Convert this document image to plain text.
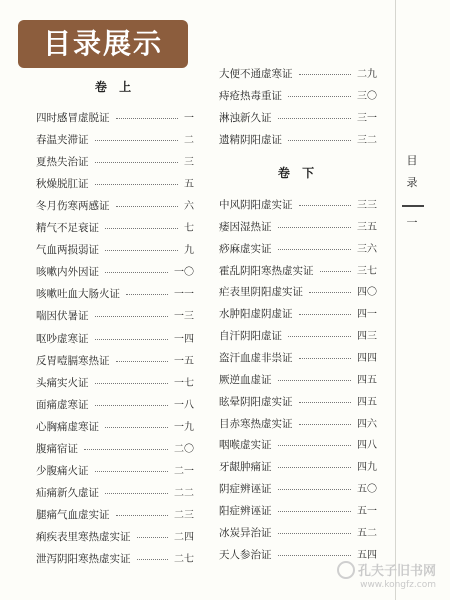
目录展示
卷 上
四时感冒虚脱证	一
春温夹滞证	二
夏热失治证	三
秋燥脱肛证	五
冬月伤寒两感证	六
精气不足衰证	七
气血两损弱证	九
咳嗽内外因证	一〇
咳嗽吐血大肠火证	一一
喘因伏暑证	一三
呕吵虚寒证	一四
反胃噎膈寒热证	一五
头痛实火证	一七
面痛虚寒证	一八
心胸痛虚寒证	一九
腹痛宿证	二〇
少腹痛火证	二一
疝痛新久虚证	二二
腿痛气血虚实证	二三
痢疾表里寒热虚实证	二四
泄泻阴阳寒热虚实证	二七
大便不通虚寒证	二九
痔疮热毒重证	三〇
淋浊新久证	三一
遗精阴阳虚证	三二
卷 下
中风阴阳虚实证	三三
痿因湿热证	三五
痧麻虚实证	三六
霍乱阴阳寒热虚实证	三七
疟表里阴阳虚实证	四〇
水肿阳虚阴虚证	四一
自汗阴阳虚证	四三
盗汗血虚非祟证	四四
厥逆血虚证	四五
眩晕阴阳虚实证	四五
目赤寒热虚实证	四六
咽喉虚实证	四八
牙龈肿痛证	四九
阴症辨诬证	五〇
阳症辨诬证	五一
冰炭异治证	五二
天人参治证	五四
目录
一
孔夫子旧书网
www.kongfz.com
